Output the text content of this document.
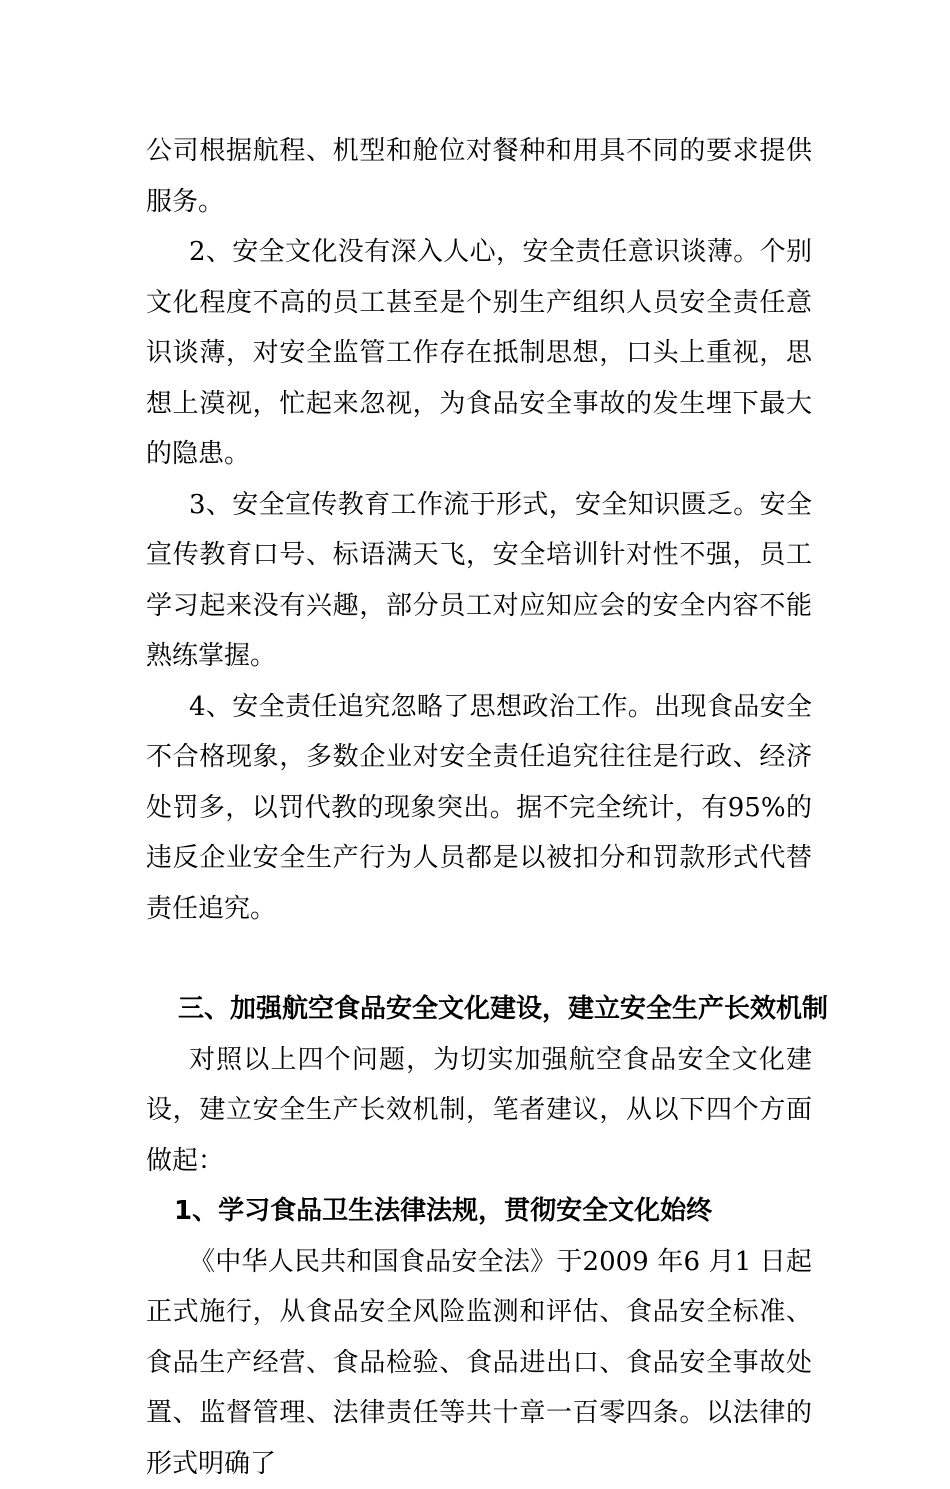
公司根据航程、机型和舱位对餐种和用具不同的要求提供服务。

2、安全文化没有深入人心，安全责任意识谈薄。个别文化程度不高的员工甚至是个别生产组织人员安全责任意识谈薄，对安全监管工作存在抵制思想，口头上重视，思想上漠视，忙起来忽视，为食品安全事故的发生埋下最大的隐患。

3、安全宣传教育工作流于形式，安全知识匮乏。安全宣传教育口号、标语满天飞，安全培训针对性不强，员工学习起来没有兴趣，部分员工对应知应会的安全内容不能熟练掌握。

4、安全责任追究忽略了思想政治工作。出现食品安全不合格现象，多数企业对安全责任追究往往是行政、经济处罚多，以罚代教的现象突出。据不完全统计，有95%的违反企业安全生产行为人员都是以被扣分和罚款形式代替责任追究。

三、加强航空食品安全文化建设，建立安全生产长效机制

对照以上四个问题，为切实加强航空食品安全文化建设，建立安全生产长效机制，笔者建议，从以下四个方面做起：

1、学习食品卫生法律法规，贯彻安全文化始终

《中华人民共和国食品安全法》于2009 年6 月1 日起正式施行，从食品安全风险监测和评估、食品安全标准、食品生产经营、食品检验、食品进出口、食品安全事故处置、监督管理、法律责任等共十章一百零四条。以法律的形式明确了
